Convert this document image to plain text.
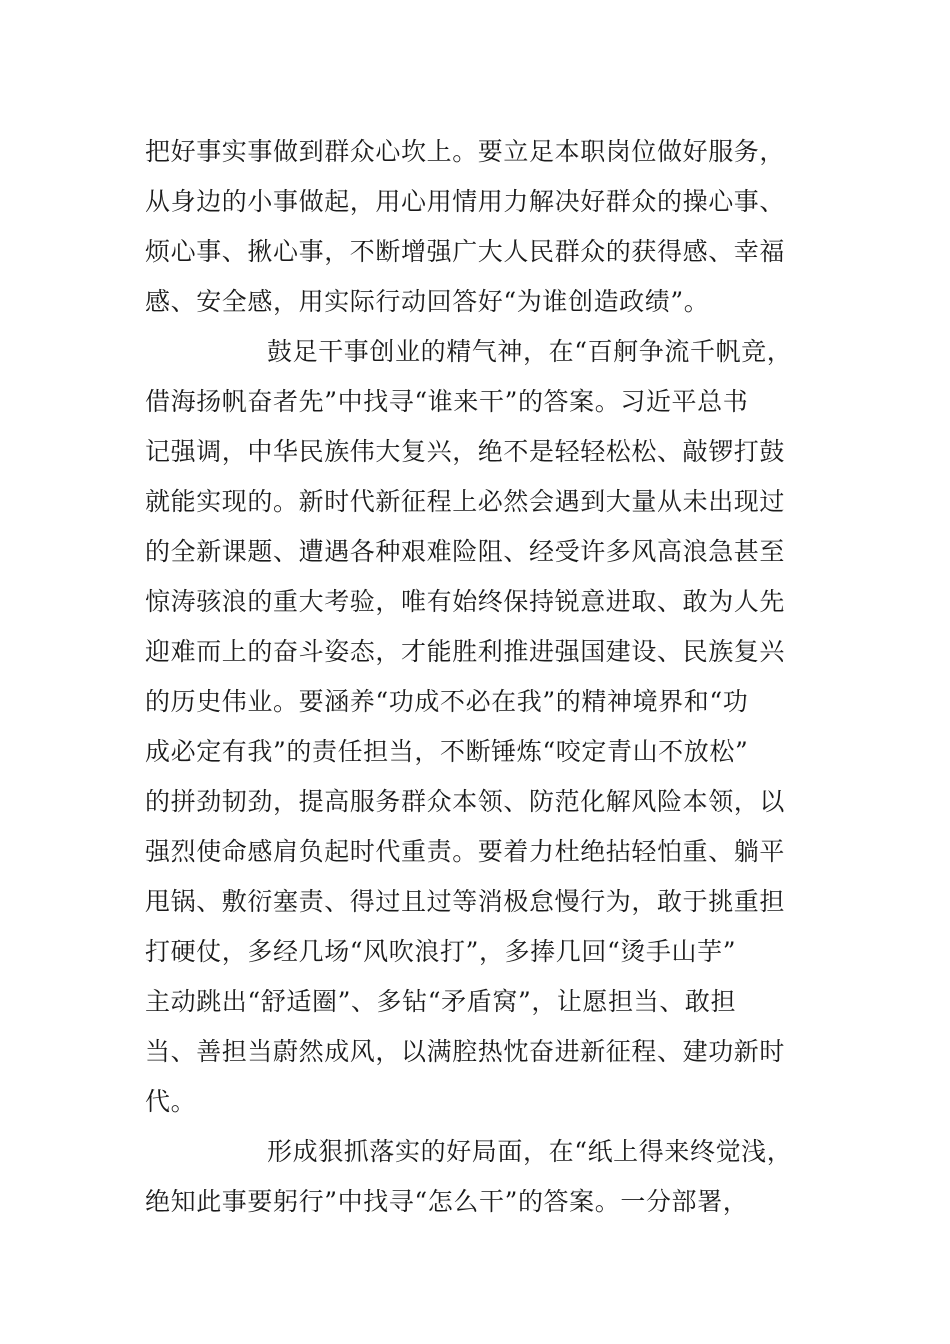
把好事实事做到群众心坎上。要立足本职岗位做好服务，
从身边的小事做起，用心用情用力解决好群众的操心事、
烦心事、揪心事，不断增强广大人民群众的获得感、幸福
感、安全感，用实际行动回答好“为谁创造政绩”。
鼓足干事创业的精气神，在“百舸争流千帆竞，
借海扬帆奋者先”中找寻“谁来干”的答案。习近平总书
记强调，中华民族伟大复兴，绝不是轻轻松松、敲锣打鼓
就能实现的。新时代新征程上必然会遇到大量从未出现过
的全新课题、遭遇各种艰难险阻、经受许多风高浪急甚至
惊涛骇浪的重大考验，唯有始终保持锐意进取、敢为人先
迎难而上的奋斗姿态，才能胜利推进强国建设、民族复兴
的历史伟业。要涵养“功成不必在我”的精神境界和“功
成必定有我”的责任担当，不断锤炼“咬定青山不放松”
的拼劲韧劲，提高服务群众本领、防范化解风险本领，以
强烈使命感肩负起时代重责。要着力杜绝拈轻怕重、躺平
甩锅、敷衍塞责、得过且过等消极怠慢行为，敢于挑重担
打硬仗，多经几场“风吹浪打”，多捧几回“烫手山芋”
主动跳出“舒适圈”、多钻“矛盾窝”，让愿担当、敢担
当、善担当蔚然成风，以满腔热忱奋进新征程、建功新时
代。
形成狠抓落实的好局面，在“纸上得来终觉浅，
绝知此事要躬行”中找寻“怎么干”的答案。一分部署，
